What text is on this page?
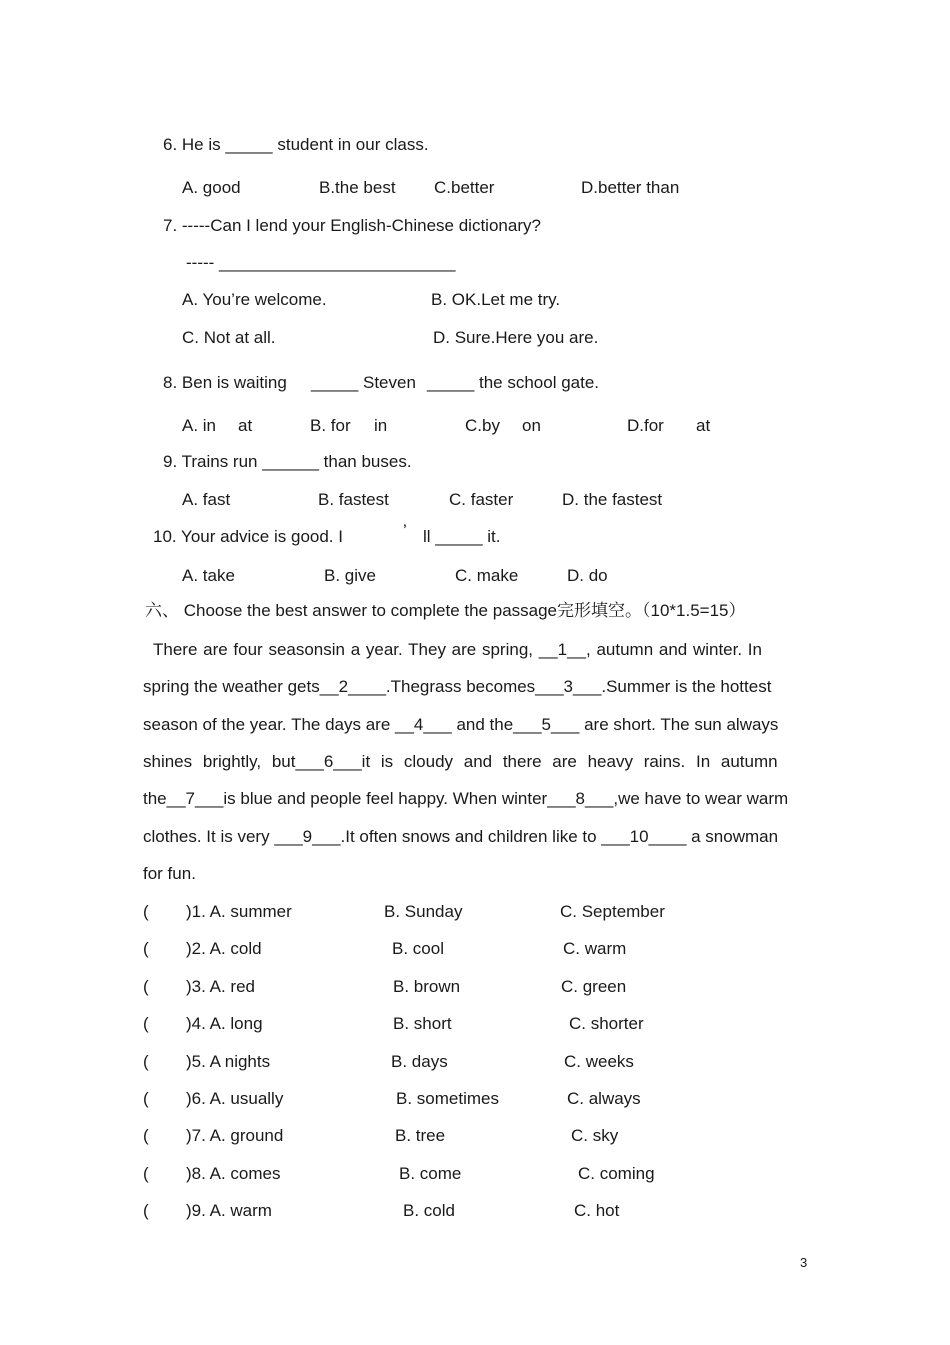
6. He is _____ student in our class.
A. good	B.the best C.better	D.better than
7. -----Can I lend your English-Chinese dictionary?
----- _________________________
A. You’re welcome.	B. OK.Let me try.
C. Not at all.	D. Sure.Here you are.
8. Ben is waiting _____ Steven _____ the school gate.
A. in at	B. for in	C.by on	D.for at
9. Trains run ______ than buses.
A. fast	B. fastest	C. faster	D. the fastest
10. Your advice is good. I	’ ll _____ it.
A. take	B. give	C. make	D. do
六、 Choose the best answer to complete the passage完形填空。（10*1.5=15）
There are four seasonsin a year. They are spring, __1__, autumn and winter. In
spring the weather gets__2____.Thegrass becomes___3___.Summer is the hottest
season of the year. The days are __4___ and the___5___ are short. The sun always
shines brightly, but___6___it is cloudy and there are heavy rains. In autumn
the__7___is blue and people feel happy. When winter___8___,we have to wear warm
clothes. It is very ___9___.It often snows and children like to ___10____ a snowman
for fun.
( )1. A. summer	B. Sunday	C. September
( )2. A. cold	B. cool	C. warm
( )3. A. red	B. brown	C. green
( )4. A. long	B. short	C. shorter
( )5. A nights	B. days	C. weeks
( )6. A. usually	B. sometimes	C. always
( )7. A. ground	B. tree	C. sky
( )8. A. comes	B. come	C. coming
( )9. A. warm	B. cold	C. hot
3
